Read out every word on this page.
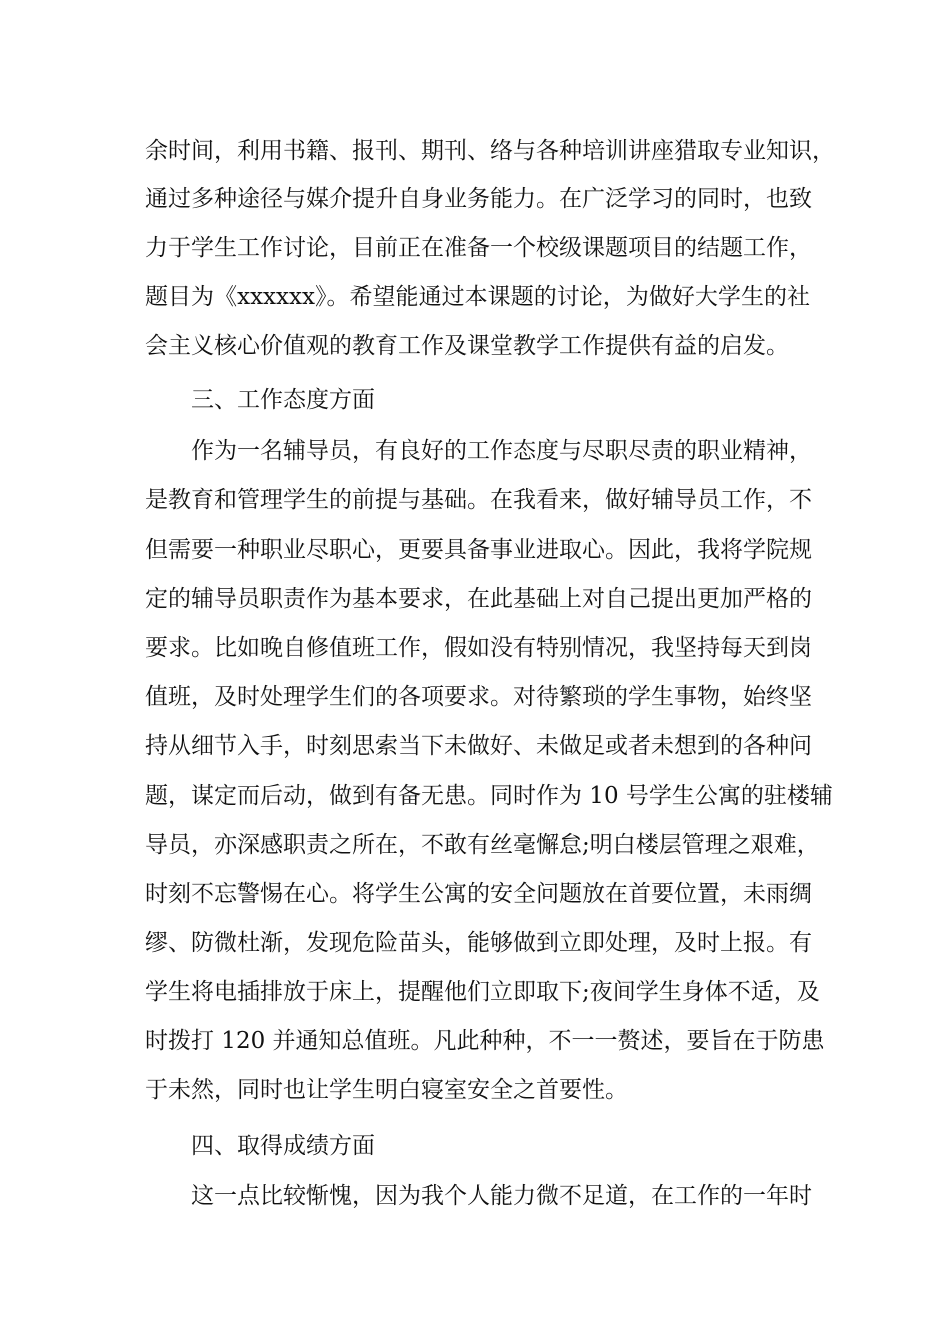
余时间，利用书籍、报刊、期刊、络与各种培训讲座猎取专业知识，
通过多种途径与媒介提升自身业务能力。在广泛学习的同时，也致
力于学生工作讨论，目前正在准备一个校级课题项目的结题工作，
题目为《xxxxxx》。希望能通过本课题的讨论，为做好大学生的社
会主义核心价值观的教育工作及课堂教学工作提供有益的启发。
三、工作态度方面
作为一名辅导员，有良好的工作态度与尽职尽责的职业精神，
是教育和管理学生的前提与基础。在我看来，做好辅导员工作，不
但需要一种职业尽职心，更要具备事业进取心。因此，我将学院规
定的辅导员职责作为基本要求，在此基础上对自己提出更加严格的
要求。比如晚自修值班工作，假如没有特别情况，我坚持每天到岗
值班，及时处理学生们的各项要求。对待繁琐的学生事物，始终坚
持从细节入手，时刻思索当下未做好、未做足或者未想到的各种问
题，谋定而后动，做到有备无患。同时作为 10 号学生公寓的驻楼辅
导员，亦深感职责之所在，不敢有丝毫懈怠;明白楼层管理之艰难，
时刻不忘警惕在心。将学生公寓的安全问题放在首要位置，未雨绸
缪、防微杜渐，发现危险苗头，能够做到立即处理，及时上报。有
学生将电插排放于床上，提醒他们立即取下;夜间学生身体不适，及
时拨打 120 并通知总值班。凡此种种，不一一赘述，要旨在于防患
于未然，同时也让学生明白寝室安全之首要性。
四、取得成绩方面
这一点比较惭愧，因为我个人能力微不足道，在工作的一年时
